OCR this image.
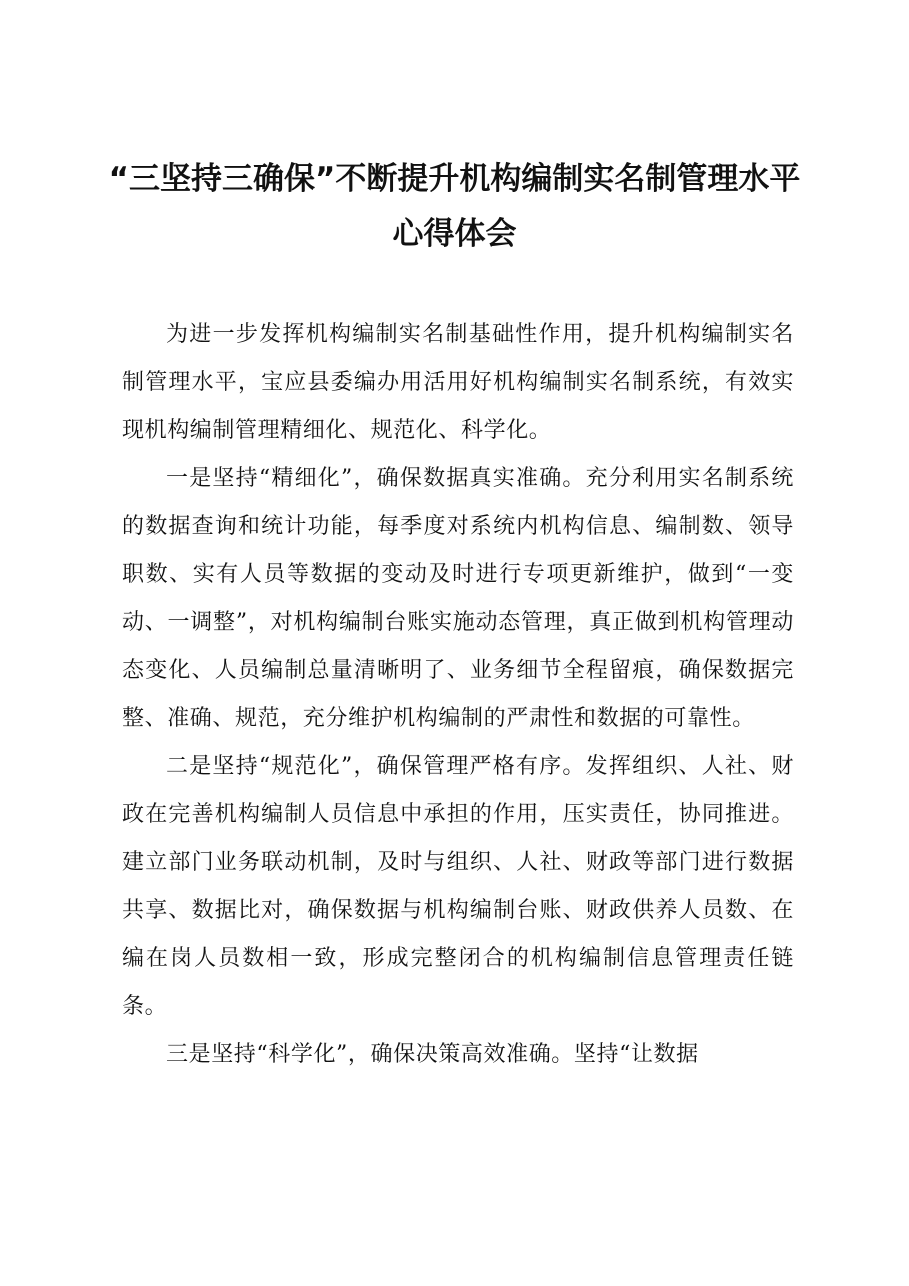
“三坚持三确保”不断提升机构编制实名制管理水平心得体会

为进一步发挥机构编制实名制基础性作用，提升机构编制实名制管理水平，宝应县委编办用活用好机构编制实名制系统，有效实现机构编制管理精细化、规范化、科学化。

一是坚持“精细化”，确保数据真实准确。充分利用实名制系统的数据查询和统计功能，每季度对系统内机构信息、编制数、领导职数、实有人员等数据的变动及时进行专项更新维护，做到“一变动、一调整”，对机构编制台账实施动态管理，真正做到机构管理动态变化、人员编制总量清晰明了、业务细节全程留痕，确保数据完整、准确、规范，充分维护机构编制的严肃性和数据的可靠性。

二是坚持“规范化”，确保管理严格有序。发挥组织、人社、财政在完善机构编制人员信息中承担的作用，压实责任，协同推进。建立部门业务联动机制，及时与组织、人社、财政等部门进行数据共享、数据比对，确保数据与机构编制台账、财政供养人员数、在编在岗人员数相一致，形成完整闭合的机构编制信息管理责任链条。

三是坚持“科学化”，确保决策高效准确。坚持“让数据
